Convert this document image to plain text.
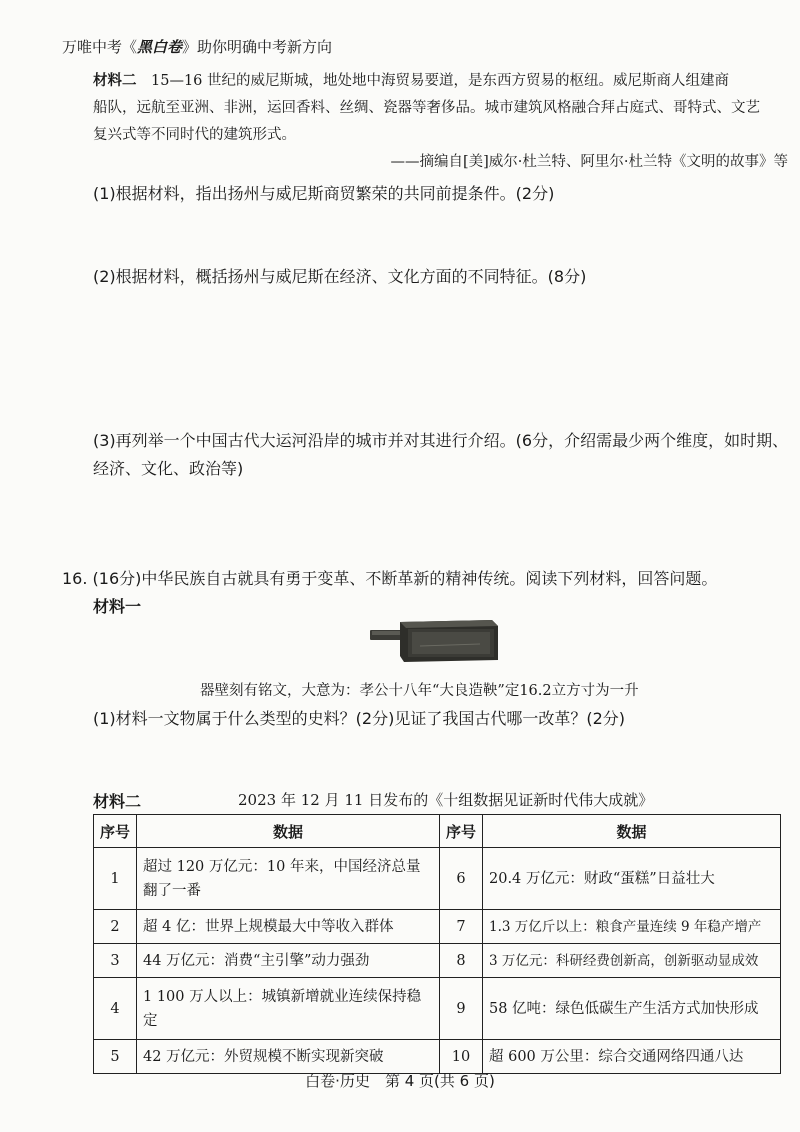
万唯中考《黑白卷》助你明确中考新方向
材料二　 15—16 世纪的威尼斯城，地处地中海贸易要道，是东西方贸易的枢纽。威尼斯商人组建商
船队，远航至亚洲、非洲，运回香料、丝绸、瓷器等奢侈品。城市建筑风格融合拜占庭式、哥特式、文艺
复兴式等不同时代的建筑形式。
——摘编自[美]威尔·杜兰特、阿里尔·杜兰特《文明的故事》等
(1)根据材料，指出扬州与威尼斯商贸繁荣的共同前提条件。(2分)
(2)根据材料，概括扬州与威尼斯在经济、文化方面的不同特征。(8分)
(3)再列举一个中国古代大运河沿岸的城市并对其进行介绍。(6分，介绍需最少两个维度，如时期、
经济、文化、政治等)
16. (16分)中华民族自古就具有勇于变革、不断革新的精神传统。阅读下列材料，回答问题。
材料一
器壁刻有铭文，大意为：孝公十八年“大良造鞅”定16.2立方寸为一升
(1)材料一文物属于什么类型的史料？(2分)见证了我国古代哪一改革？(2分)
材料二	2023 年 12 月 11 日发布的《十组数据见证新时代伟大成就》
序号	数据	序号	数据
1	超过 120 万亿元：10 年来，中国经济总量翻了一番	6	20.4 万亿元：财政“蛋糕”日益壮大
2	超 4 亿：世界上规模最大中等收入群体	7	1.3 万亿斤以上：粮食产量连续 9 年稳产增产
3	44 万亿元：消费“主引擎”动力强劲	8	3 万亿元：科研经费创新高，创新驱动显成效
4	1 100 万人以上：城镇新增就业连续保持稳定	9	58 亿吨：绿色低碳生产生活方式加快形成
5	42 万亿元：外贸规模不断实现新突破	10	超 600 万公里：综合交通网络四通八达
白卷·历史　第 4 页(共 6 页)
